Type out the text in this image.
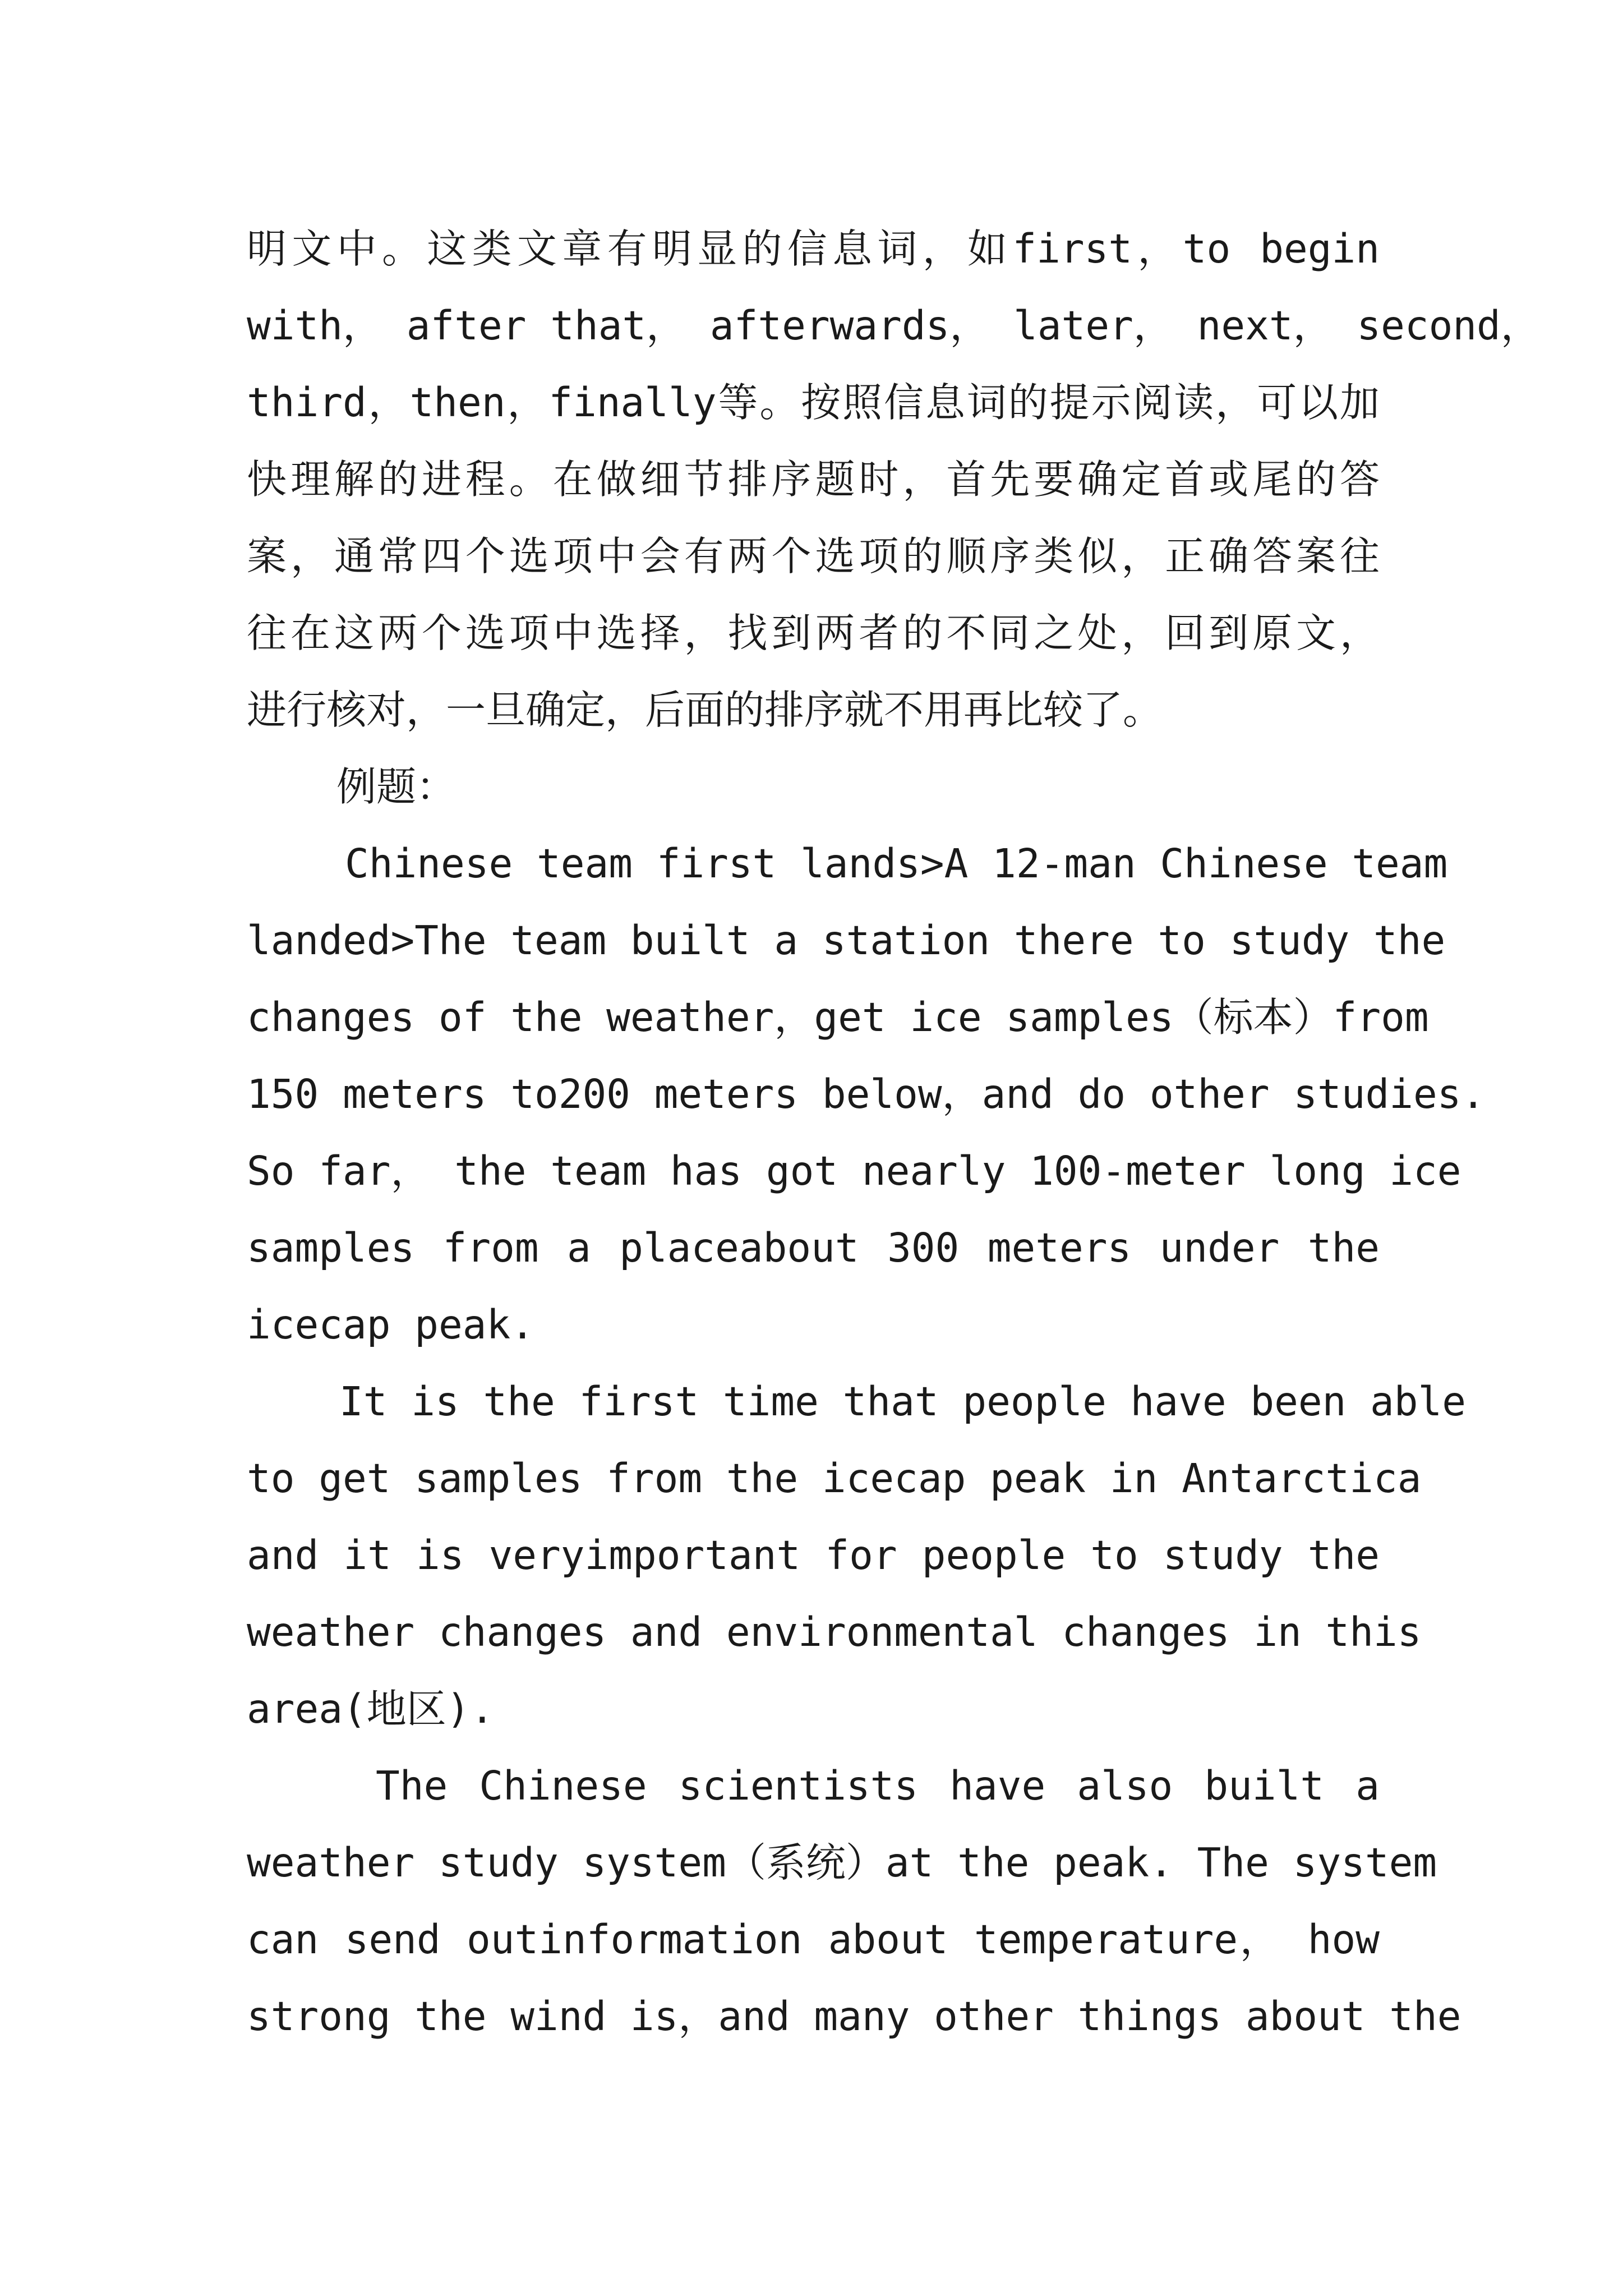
明文中。这类文章有明显的信息词，如first，to begin
with， after that， afterwards， later， next， second，
third，then，finally等。按照信息词的提示阅读，可以加
快理解的进程。在做细节排序题时，首先要确定首或尾的答
案，通常四个选项中会有两个选项的顺序类似，正确答案往
往在这两个选项中选择，找到两者的不同之处，回到原文，
进行核对，一旦确定，后面的排序就不用再比较了。
例题：
Chinese team first lands>A 12-man Chinese team
landed>The team built a station there to study the
changes of the weather，get ice samples（标本）from
150 meters to200 meters below，and do other studies.
So far， the team has got nearly 100-meter long ice
samples from a placeabout 300 meters under the
icecap peak.
It is the first time that people have been able
to get samples from the icecap peak in Antarctica
and it is veryimportant for people to study the
weather changes and environmental changes in this
area(地区).
The Chinese scientists have also built a
weather study system（系统）at the peak. The system
can send outinformation about temperature， how
strong the wind is，and many other things about the
